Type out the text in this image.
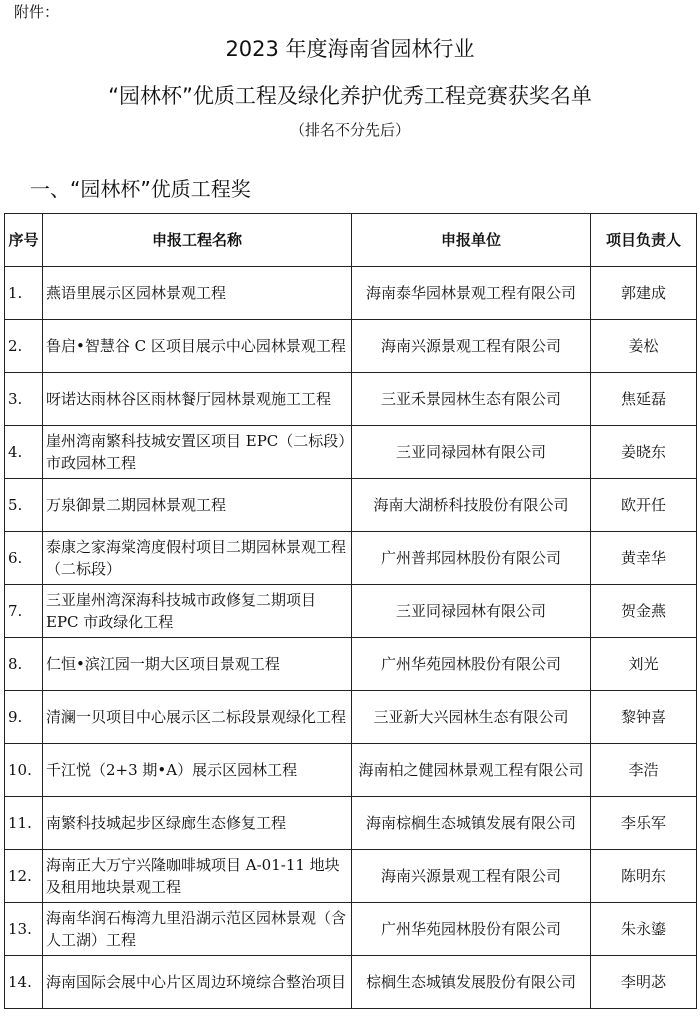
附件：
2023 年度海南省园林行业
“园林杯”优质工程及绿化养护优秀工程竞赛获奖名单
（排名不分先后）
一、“园林杯”优质工程奖
序号	申报工程名称	申报单位	项目负责人
1.	燕语里展示区园林景观工程	海南泰华园林景观工程有限公司	郭建成
2.	鲁启•智慧谷 C 区项目展示中心园林景观工程	海南兴源景观工程有限公司	姜松
3.	呀诺达雨林谷区雨林餐厅园林景观施工工程	三亚禾景园林生态有限公司	焦延磊
4.	崖州湾南繁科技城安置区项目 EPC（二标段）市政园林工程	三亚同禄园林有限公司	姜晓东
5.	万泉御景二期园林景观工程	海南大湖桥科技股份有限公司	欧开任
6.	泰康之家海棠湾度假村项目二期园林景观工程（二标段）	广州普邦园林股份有限公司	黄幸华
7.	三亚崖州湾深海科技城市政修复二期项目 EPC 市政绿化工程	三亚同禄园林有限公司	贺金燕
8.	仁恒•滨江园一期大区项目景观工程	广州华苑园林股份有限公司	刘光
9.	清澜一贝项目中心展示区二标段景观绿化工程	三亚新大兴园林生态有限公司	黎钟喜
10.	千江悦（2+3 期•A）展示区园林工程	海南柏之健园林景观工程有限公司	李浩
11.	南繁科技城起步区绿廊生态修复工程	海南棕榈生态城镇发展有限公司	李乐军
12.	海南正大万宁兴隆咖啡城项目 A-01-11 地块及租用地块景观工程	海南兴源景观工程有限公司	陈明东
13.	海南华润石梅湾九里沿湖示范区园林景观（含人工湖）工程	广州华苑园林股份有限公司	朱永鎏
14.	海南国际会展中心片区周边环境综合整治项目	棕榈生态城镇发展股份有限公司	李明苾
